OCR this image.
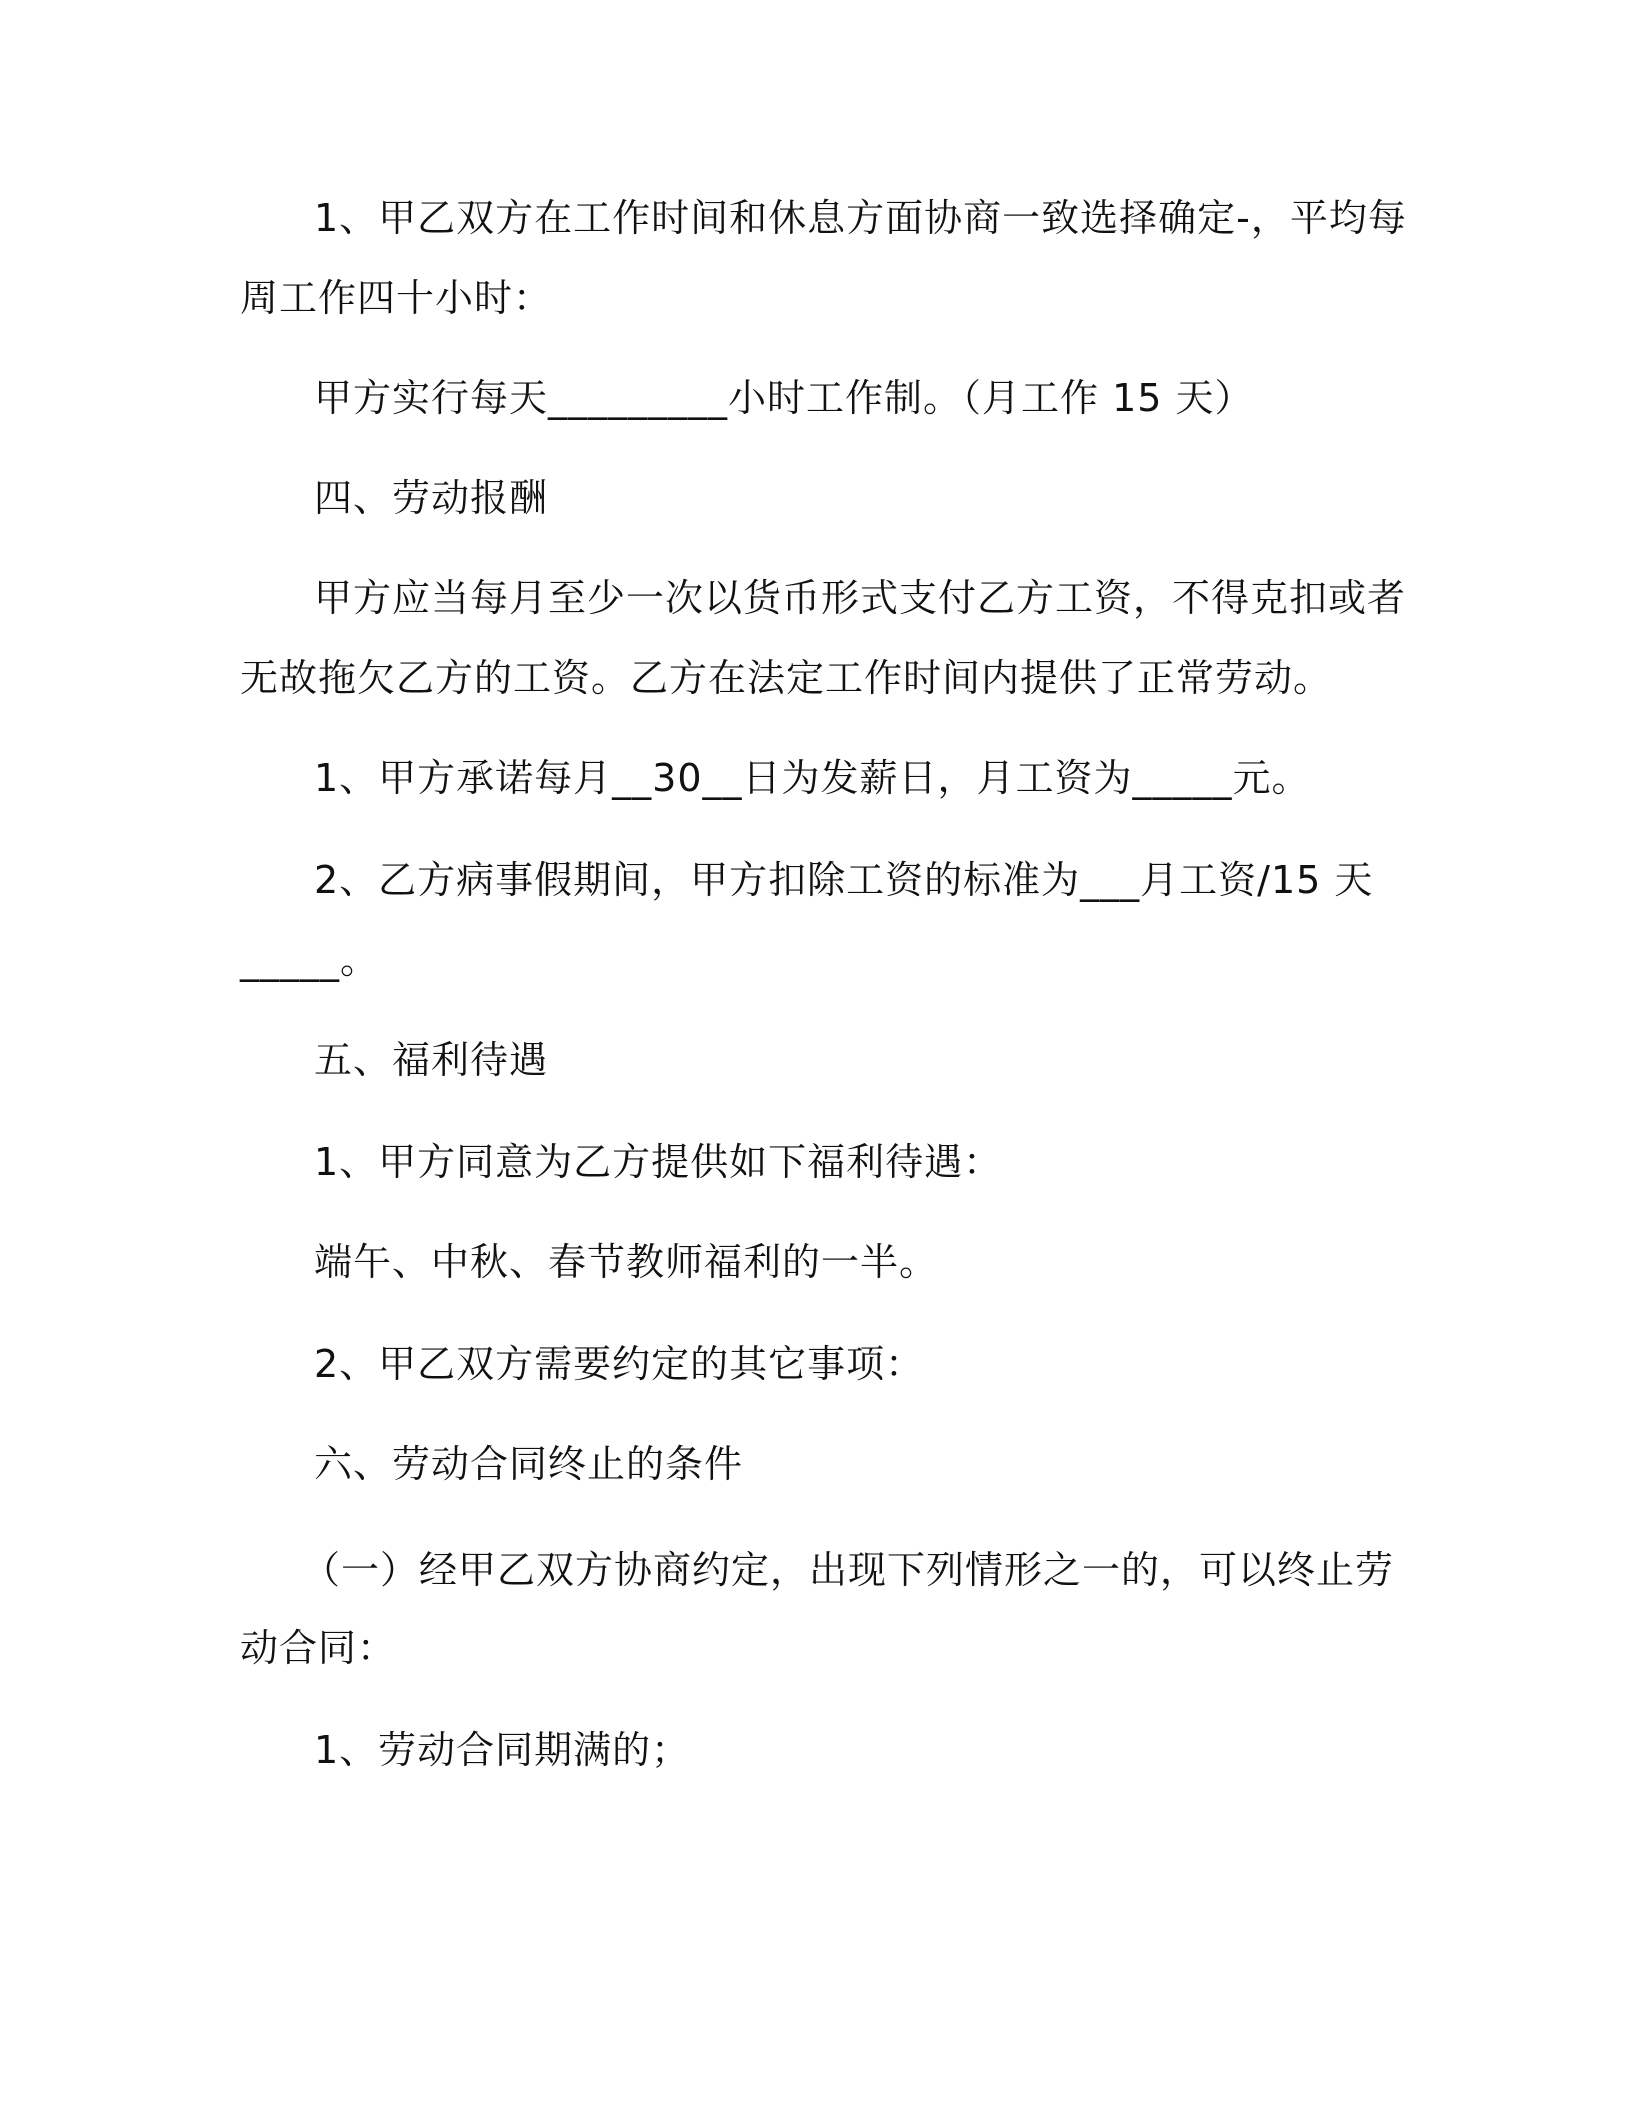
1、甲乙双方在工作时间和休息方面协商一致选择确定-，平均每
周工作四十小时：
甲方实行每天_________小时工作制。（月工作 15 天）
四、劳动报酬
甲方应当每月至少一次以货币形式支付乙方工资，不得克扣或者
无故拖欠乙方的工资。乙方在法定工作时间内提供了正常劳动。
1、甲方承诺每月__30__日为发薪日，月工资为_____元。
2、乙方病事假期间，甲方扣除工资的标准为___月工资/15 天
_____。
五、福利待遇
1、甲方同意为乙方提供如下福利待遇：
端午、中秋、春节教师福利的一半。
2、甲乙双方需要约定的其它事项：
六、劳动合同终止的条件
（一）经甲乙双方协商约定，出现下列情形之一的，可以终止劳
动合同：
1、劳动合同期满的；
